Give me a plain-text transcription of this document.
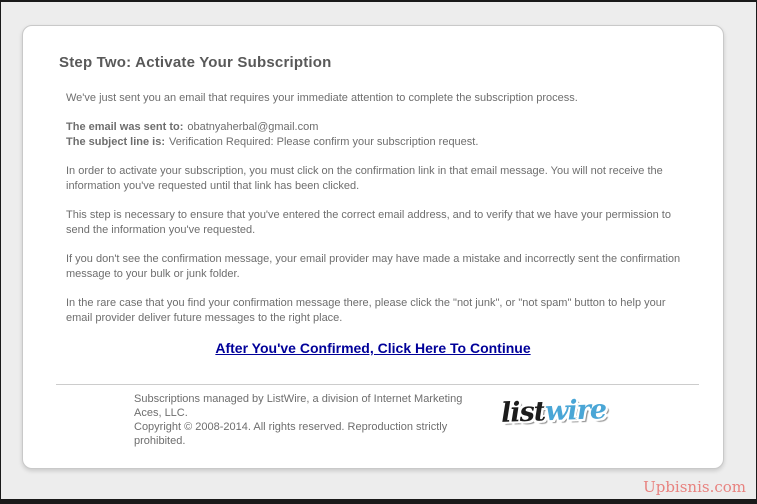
Step Two: Activate Your Subscription

We've just sent you an email that requires your immediate attention to complete the subscription process.

The email was sent to: obatnyaherbal@gmail.com
The subject line is: Verification Required: Please confirm your subscription request.

In order to activate your subscription, you must click on the confirmation link in that email message. You will not receive the information you've requested until that link has been clicked.

This step is necessary to ensure that you've entered the correct email address, and to verify that we have your permission to send the information you've requested.

If you don't see the confirmation message, your email provider may have made a mistake and incorrectly sent the confirmation message to your bulk or junk folder.

In the rare case that you find your confirmation message there, please click the "not junk", or "not spam" button to help your email provider deliver future messages to the right place.

After You've Confirmed, Click Here To Continue
Subscriptions managed by ListWire, a division of Internet Marketing Aces, LLC.
Copyright © 2008-2014. All rights reserved. Reproduction strictly prohibited.
listwire
Upbisnis.com
